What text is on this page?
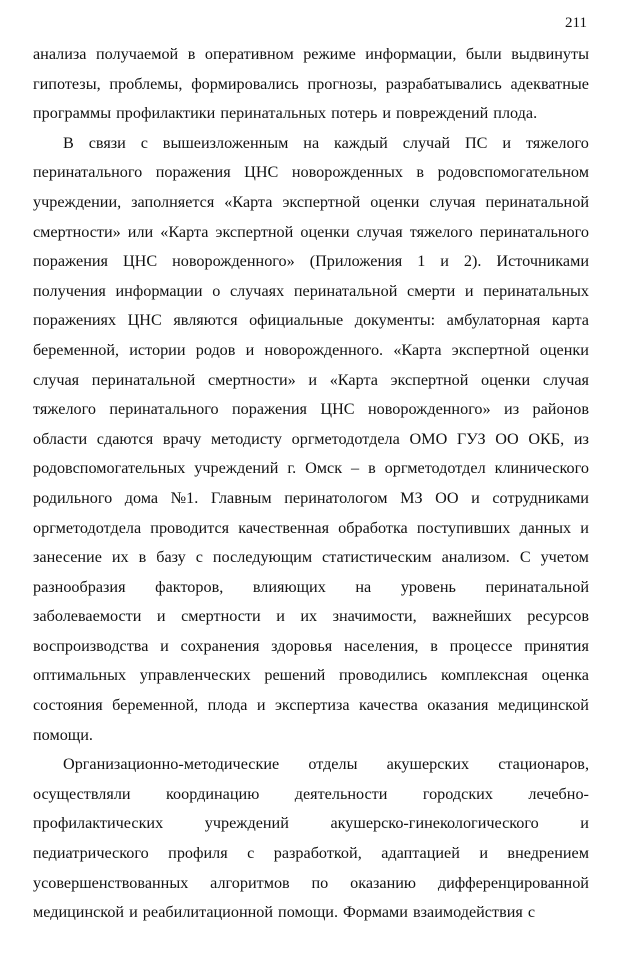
211
анализа получаемой в оперативном режиме информации, были выдвинуты
гипотезы, проблемы, формировались прогнозы, разрабатывались адекватные
программы профилактики перинатальных потерь и повреждений плода.
В связи с вышеизложенным на каждый случай ПС и тяжелого
перинатального поражения ЦНС новорожденных в родовспомогательном
учреждении, заполняется «Карта экспертной оценки случая перинатальной
смертности» или «Карта экспертной оценки случая тяжелого перинатального
поражения ЦНС новорожденного» (Приложения 1 и 2). Источниками
получения информации о случаях перинатальной смерти и перинатальных
поражениях ЦНС являются официальные документы: амбулаторная карта
беременной, истории родов и новорожденного. «Карта экспертной оценки
случая перинатальной смертности» и «Карта экспертной оценки случая
тяжелого перинатального поражения ЦНС новорожденного» из районов
области сдаются врачу методисту оргметодотдела ОМО ГУЗ ОО ОКБ, из
родовспомогательных учреждений г. Омск – в оргметодотдел клинического
родильного дома №1. Главным перинатологом МЗ ОО и сотрудниками
оргметодотдела проводится качественная обработка поступивших данных и
занесение их в базу с последующим статистическим анализом. С учетом
разнообразия факторов, влияющих на уровень перинатальной
заболеваемости и смертности и их значимости, важнейших ресурсов
воспроизводства и сохранения здоровья населения, в процессе принятия
оптимальных управленческих решений проводились комплексная оценка
состояния беременной, плода и экспертиза качества оказания медицинской
помощи.
Организационно-методические отделы акушерских стационаров,
осуществляли координацию деятельности городских лечебно-
профилактических	учреждений	акушерско-гинекологического	и
педиатрического профиля с разработкой, адаптацией и внедрением
усовершенствованных алгоритмов по оказанию дифференцированной
медицинской и реабилитационной помощи. Формами взаимодействия с
